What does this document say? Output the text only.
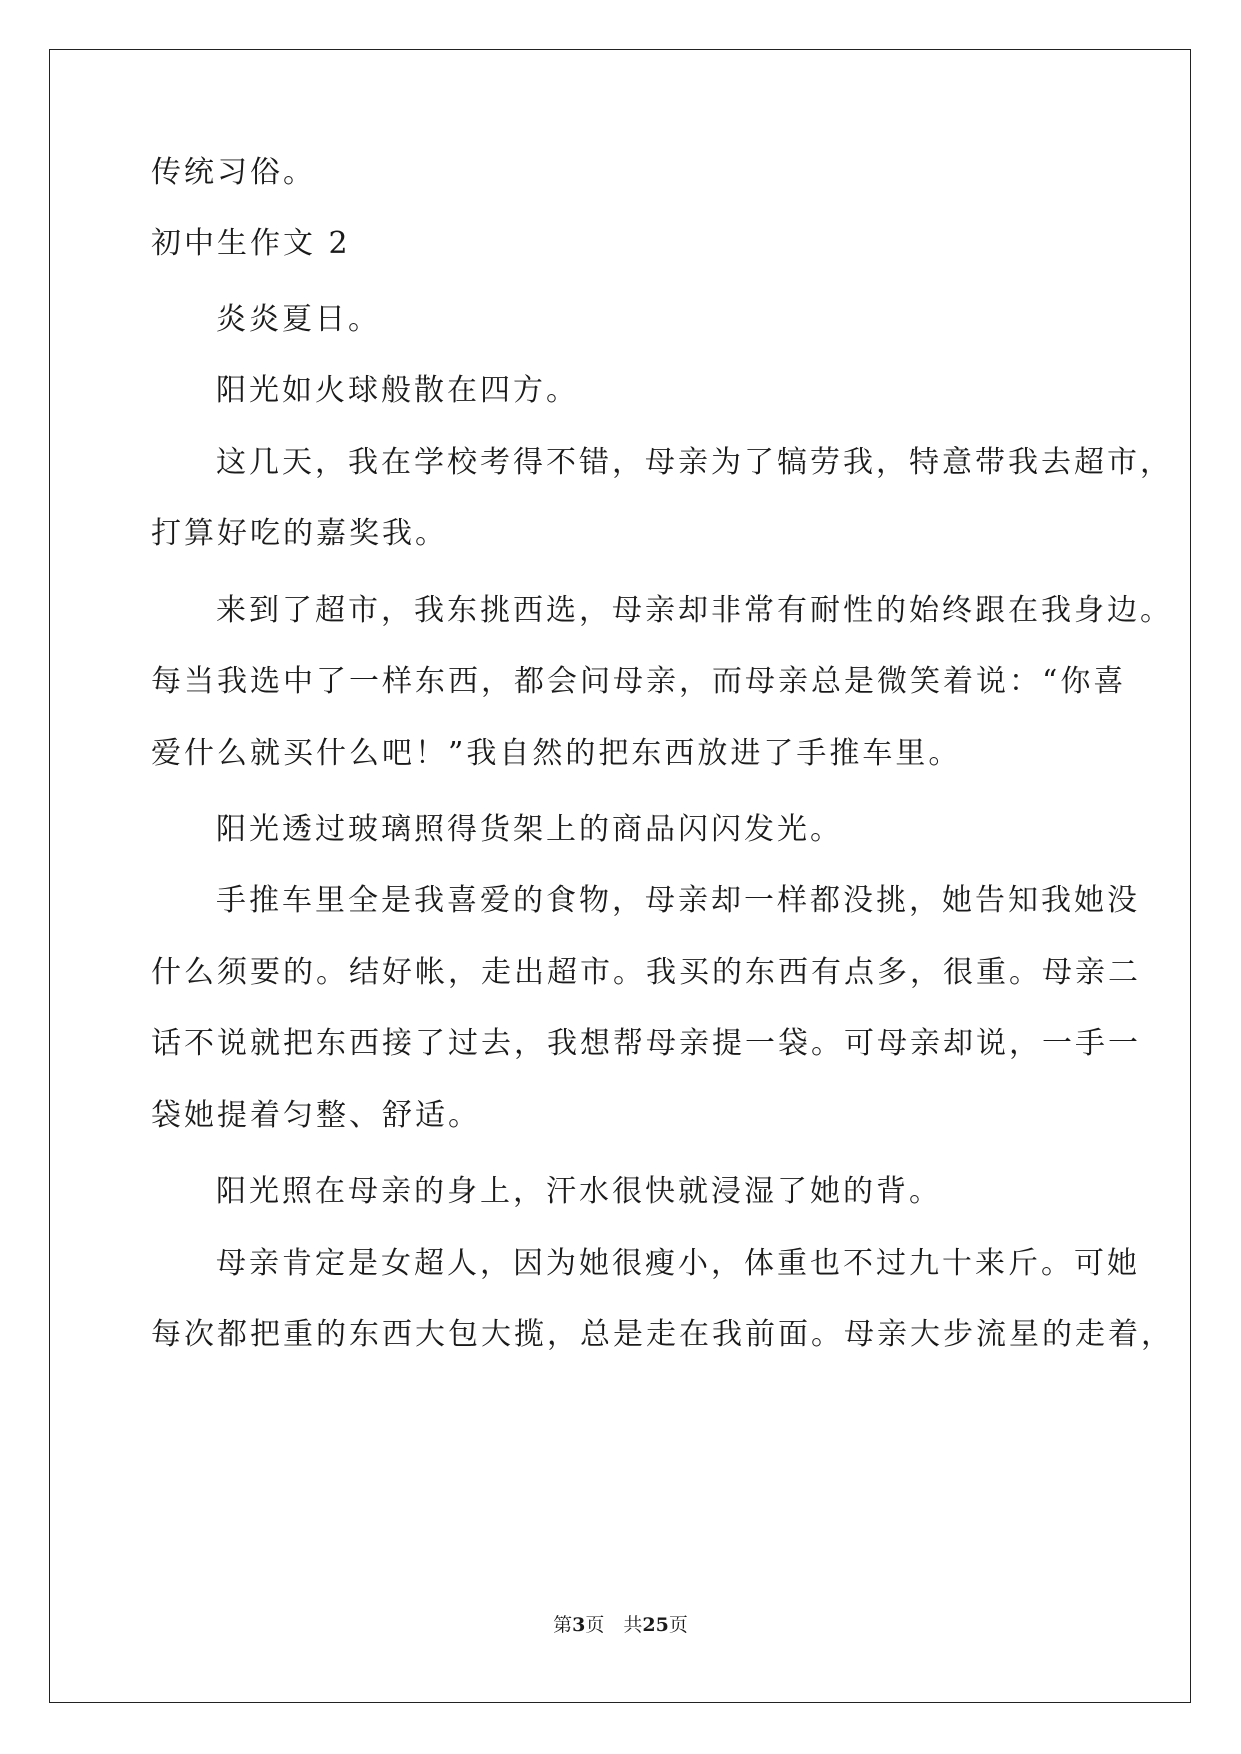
传统习俗。
初中生作文 2
炎炎夏日。
阳光如火球般散在四方。
这几天，我在学校考得不错，母亲为了犒劳我，特意带我去超市，
打算好吃的嘉奖我。
来到了超市，我东挑西选，母亲却非常有耐性的始终跟在我身边。
每当我选中了一样东西，都会问母亲，而母亲总是微笑着说：“你喜
爱什么就买什么吧！”我自然的把东西放进了手推车里。
阳光透过玻璃照得货架上的商品闪闪发光。
手推车里全是我喜爱的食物，母亲却一样都没挑，她告知我她没
什么须要的。结好帐，走出超市。我买的东西有点多，很重。母亲二
话不说就把东西接了过去，我想帮母亲提一袋。可母亲却说，一手一
袋她提着匀整、舒适。
阳光照在母亲的身上，汗水很快就浸湿了她的背。
母亲肯定是女超人，因为她很瘦小，体重也不过九十来斤。可她
每次都把重的东西大包大揽，总是走在我前面。母亲大步流星的走着，
第3页　共25页
